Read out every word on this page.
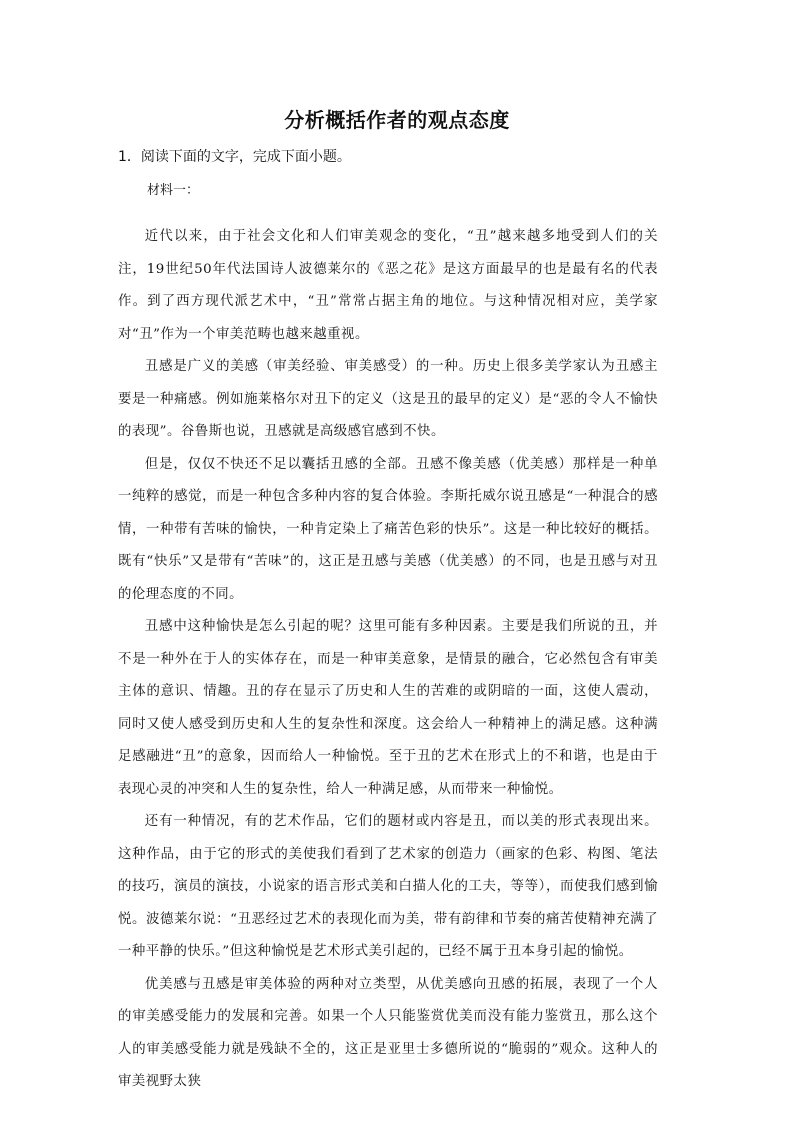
分析概括作者的观点态度
1．阅读下面的文字，完成下面小题。
材料一：

近代以来，由于社会文化和人们审美观念的变化，“丑”越来越多地受到人们的关注，19世纪50年代法国诗人波德莱尔的《恶之花》是这方面最早的也是最有名的代表作。到了西方现代派艺术中，“丑”常常占据主角的地位。与这种情况相对应，美学家对“丑”作为一个审美范畴也越来越重视。

丑感是广义的美感（审美经验、审美感受）的一种。历史上很多美学家认为丑感主要是一种痛感。例如施莱格尔对丑下的定义（这是丑的最早的定义）是“恶的令人不愉快的表现”。谷鲁斯也说，丑感就是高级感官感到不快。

但是，仅仅不快还不足以囊括丑感的全部。丑感不像美感（优美感）那样是一种单一纯粹的感觉，而是一种包含多种内容的复合体验。李斯托威尔说丑感是“一种混合的感情，一种带有苦味的愉快，一种肯定染上了痛苦色彩的快乐”。这是一种比较好的概括。既有“快乐”又是带有“苦味”的，这正是丑感与美感（优美感）的不同，也是丑感与对丑的伦理态度的不同。

丑感中这种愉快是怎么引起的呢？这里可能有多种因素。主要是我们所说的丑，并不是一种外在于人的实体存在，而是一种审美意象，是情景的融合，它必然包含有审美主体的意识、情趣。丑的存在显示了历史和人生的苦难的或阴暗的一面，这使人震动，同时又使人感受到历史和人生的复杂性和深度。这会给人一种精神上的满足感。这种满足感融进“丑”的意象，因而给人一种愉悦。至于丑的艺术在形式上的不和谐，也是由于表现心灵的冲突和人生的复杂性，给人一种满足感，从而带来一种愉悦。

还有一种情况，有的艺术作品，它们的题材或内容是丑，而以美的形式表现出来。这种作品，由于它的形式的美使我们看到了艺术家的创造力（画家的色彩、构图、笔法的技巧，演员的演技，小说家的语言形式美和白描人化的工夫，等等），而使我们感到愉悦。波德莱尔说：“丑恶经过艺术的表现化而为美，带有韵律和节奏的痛苦使精神充满了一种平静的快乐。”但这种愉悦是艺术形式美引起的，已经不属于丑本身引起的愉悦。

优美感与丑感是审美体验的两种对立类型，从优美感向丑感的拓展，表现了一个人的审美感受能力的发展和完善。如果一个人只能鉴赏优美而没有能力鉴赏丑，那么这个人的审美感受能力就是残缺不全的，这正是亚里士多德所说的“脆弱的”观众。这种人的审美视野太狭
